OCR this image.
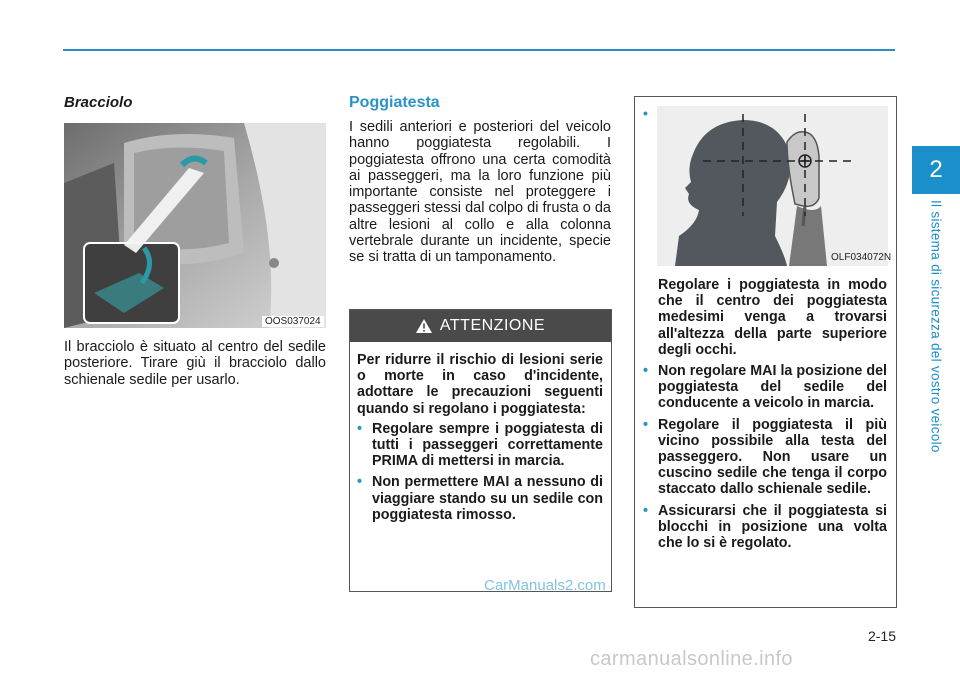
2
Il sistema di sicurezza del vostro veicolo
2-15
Bracciolo
OOS037024
Il bracciolo è situato al centro del sedile posteriore. Tirare giù il bracciolo dallo schienale sedile per usarlo.
Poggiatesta
I sedili anteriori e posteriori del veicolo hanno poggiatesta regolabili. I poggiatesta offrono una certa comodità ai passeggeri, ma la loro funzione più importante consiste nel proteggere i passeggeri stessi dal colpo di frusta o da altre lesioni al collo e alla colonna vertebrale durante un incidente, specie se si tratta di un tamponamento.
ATTENZIONE
Per ridurre il rischio di lesioni serie o morte in caso d'incidente, adottare le precauzioni seguenti quando si regolano i poggiatesta:
• Regolare sempre i poggiatesta di tutti i passeggeri correttamente PRIMA di mettersi in marcia.
• Non permettere MAI a nessuno di viaggiare stando su un sedile con poggiatesta rimosso.
•
OLF034072N
Regolare i poggiatesta in modo che il centro dei poggiatesta medesimi venga a trovarsi all'altezza della parte superiore degli occhi.
• Non regolare MAI la posizione del poggiatesta del sedile del conducente a veicolo in marcia.
• Regolare il poggiatesta il più vicino possibile alla testa del passeggero. Non usare un cuscino sedile che tenga il corpo staccato dallo schienale sedile.
• Assicurarsi che il poggiatesta si blocchi in posizione una volta che lo si è regolato.
CarManuals2.com
carmanualsonline.info
